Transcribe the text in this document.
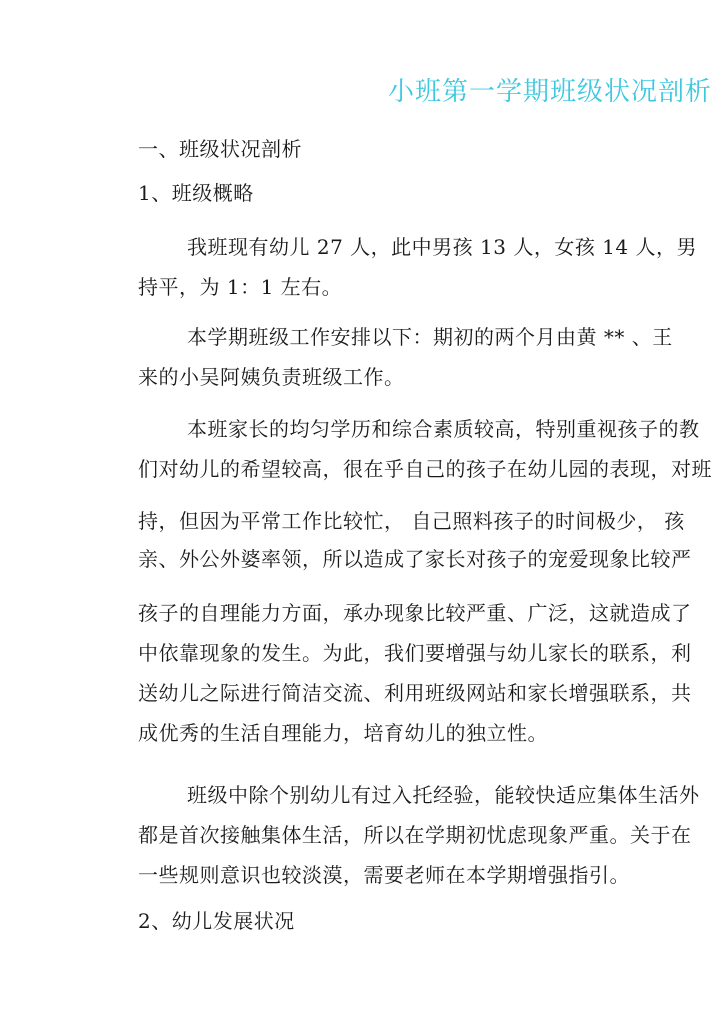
小班第一学期班级状况剖析
一、班级状况剖析
1、班级概略
我班现有幼儿 27 人，此中男孩 13 人，女孩 14 人，男
持平，为 1：1 左右。
本学期班级工作安排以下：期初的两个月由黄 ** 、王
来的小吴阿姨负责班级工作。
本班家长的均匀学历和综合素质较高，特别重视孩子的教
们对幼儿的希望较高，很在乎自己的孩子在幼儿园的表现，对班
持，但因为平常工作比较忙， 自己照料孩子的时间极少， 孩
亲、外公外婆率领，所以造成了家长对孩子的宠爱现象比较严
孩子的自理能力方面，承办现象比较严重、广泛，这就造成了
中依靠现象的发生。为此，我们要增强与幼儿家长的联系，利
送幼儿之际进行简洁交流、利用班级网站和家长增强联系，共
成优秀的生活自理能力，培育幼儿的独立性。
班级中除个别幼儿有过入托经验，能较快适应集体生活外
都是首次接触集体生活，所以在学期初忧虑现象严重。关于在
一些规则意识也较淡漠，需要老师在本学期增强指引。
2、幼儿发展状况
